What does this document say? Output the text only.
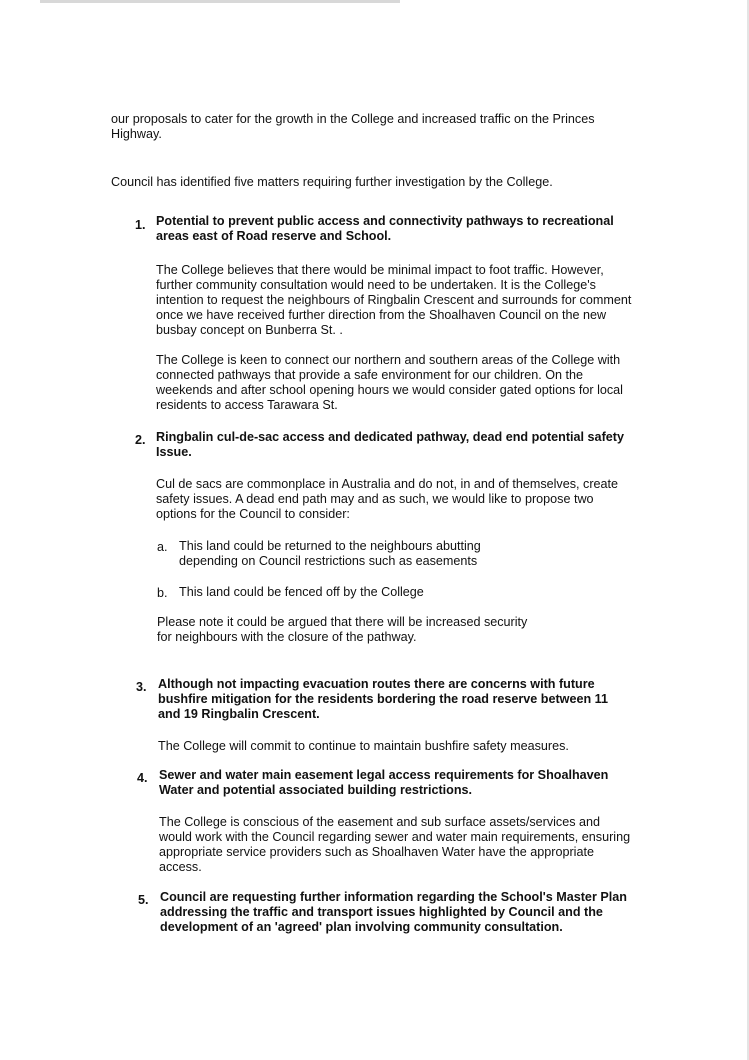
our proposals to cater for the growth in the College and increased traffic on the Princes

Highway.

Council has identified five matters requiring further investigation by the College.

1. Potential to prevent public access and connectivity pathways to recreational

areas east of Road reserve and School.

The College believes that there would be minimal impact to foot traffic. However,

further community consultation would need to be undertaken. It is the College's

intention to request the neighbours of Ringbalin Crescent and surrounds for comment

once we have received further direction from the Shoalhaven Council on the new

busbay concept on Bunberra St. .

The College is keen to connect our northern and southern areas of the College with

connected pathways that provide a safe environment for our children. On the

weekends and after school opening hours we would consider gated options for local

residents to access Tarawara St.

2. Ringbalin cul-de-sac access and dedicated pathway, dead end potential safety

Issue.

Cul de sacs are commonplace in Australia and do not, in and of themselves, create

safety issues. A dead end path may and as such, we would like to propose two

options for the Council to consider:

a. This land could be returned to the neighbours abutting

depending on Council restrictions such as easements

b. This land could be fenced off by the College

Please note it could be argued that there will be increased security

for neighbours with the closure of the pathway.

3. Although not impacting evacuation routes there are concerns with future

bushfire mitigation for the residents bordering the road reserve between 11

and 19 Ringbalin Crescent.

The College will commit to continue to maintain bushfire safety measures.

4. Sewer and water main easement legal access requirements for Shoalhaven

Water and potential associated building restrictions.

The College is conscious of the easement and sub surface assets/services and

would work with the Council regarding sewer and water main requirements, ensuring

appropriate service providers such as Shoalhaven Water have the appropriate

access.

5. Council are requesting further information regarding the School's Master Plan

addressing the traffic and transport issues highlighted by Council and the

development of an 'agreed' plan involving community consultation.
